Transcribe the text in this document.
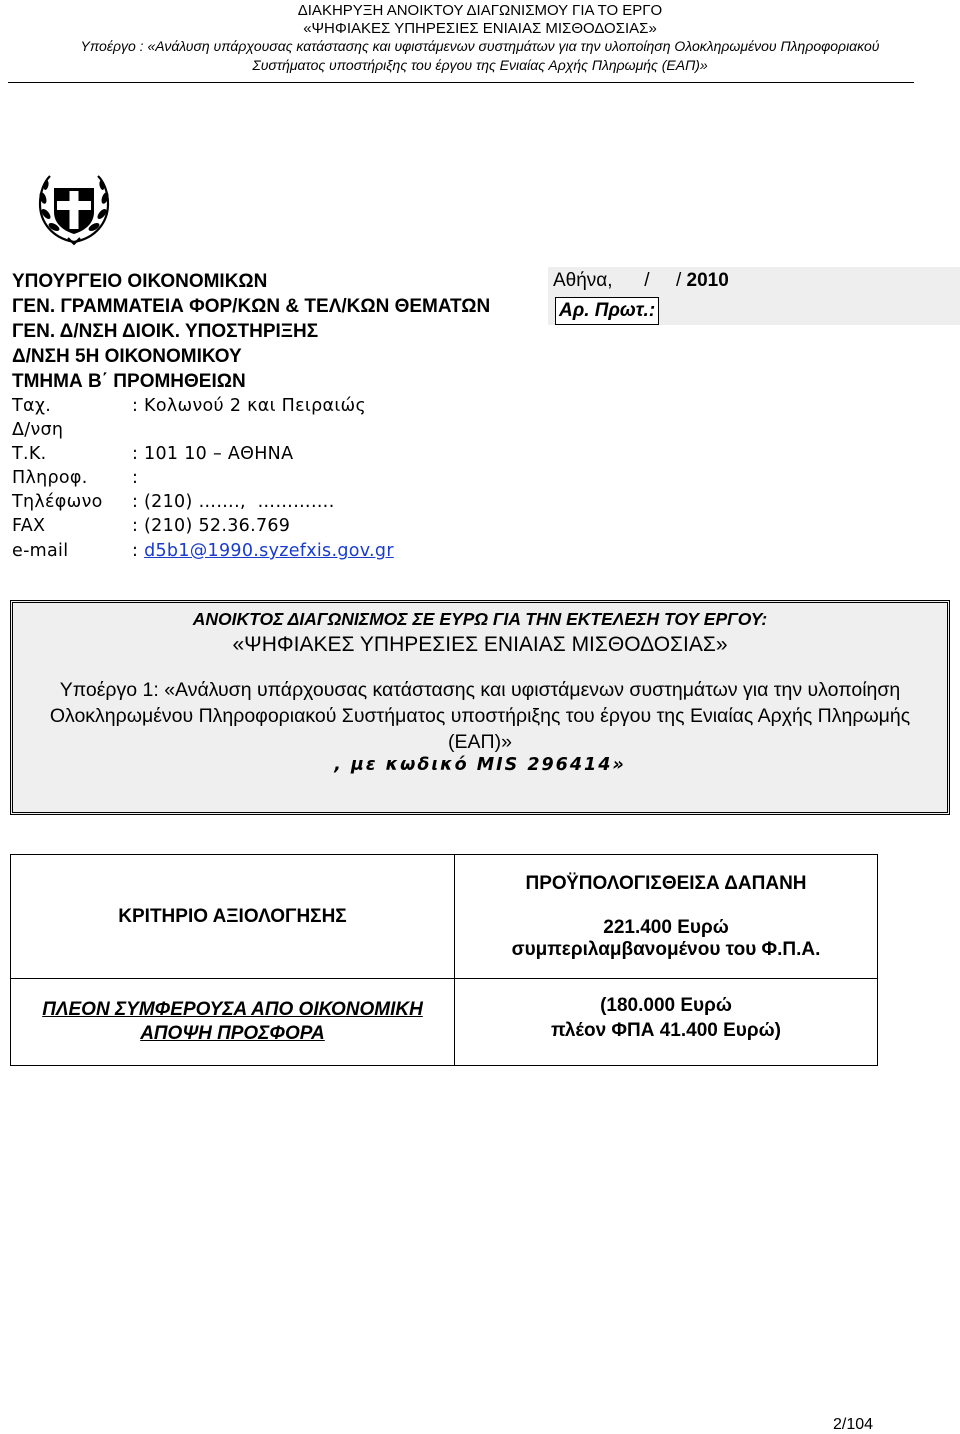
ΔΙΑΚΗΡΥΞΗ ΑΝΟΙΚΤΟΥ ΔΙΑΓΩΝΙΣΜΟΥ ΓΙΑ ΤΟ ΕΡΓΟ
«ΨΗΦΙΑΚΕΣ ΥΠΗΡΕΣΙΕΣ ΕΝΙΑΙΑΣ ΜΙΣΘΟΔΟΣΙΑΣ»
Υποέργο : «Ανάλυση υπάρχουσας κατάστασης και υφιστάμενων συστημάτων για την υλοποίηση Ολοκληρωμένου Πληροφοριακού
Συστήματος υποστήριξης του έργου της Ενιαίας Αρχής Πληρωμής (ΕΑΠ)»
ΥΠΟΥΡΓΕΙΟ ΟΙΚΟΝΟΜΙΚΩΝ
ΓΕΝ. ΓΡΑΜΜΑΤΕΙΑ ΦΟΡ/ΚΩΝ & ΤΕΛ/ΚΩΝ ΘΕΜΑΤΩΝ
ΓΕΝ. Δ/ΝΣΗ ΔΙΟΙΚ. ΥΠΟΣΤΗΡΙΞΗΣ
Δ/ΝΣΗ 5Η ΟΙΚΟΝΟΜΙΚΟΥ
ΤΜΗΜΑ Β΄ ΠΡΟΜΗΘΕΙΩΝ
Αθήνα, /     / 2010
Αρ. Πρωτ.:
Ταχ.	: Κολωνού 2 και Πειραιώς
Δ/νση
Τ.Κ.	: 101 10 – ΑΘΗΝΑ
Πληροφ.	:
Τηλέφωνο : (210) …….,  ………….
FAX	: (210) 52.36.769
e-mail	: d5b1@1990.syzefxis.gov.gr
ΑΝΟΙΚΤΟΣ ΔΙΑΓΩΝΙΣΜΟΣ ΣΕ ΕΥΡΩ ΓΙΑ ΤΗΝ ΕΚΤΕΛΕΣΗ ΤΟΥ ΕΡΓΟΥ:
«ΨΗΦΙΑΚΕΣ ΥΠΗΡΕΣΙΕΣ ΕΝΙΑΙΑΣ ΜΙΣΘΟΔΟΣΙΑΣ»
Υποέργο 1: «Ανάλυση υπάρχουσας κατάστασης και υφιστάμενων συστημάτων για την υλοποίηση Ολοκληρωμένου Πληροφοριακού Συστήματος υποστήριξης του έργου της Ενιαίας Αρχής Πληρωμής (ΕΑΠ)»
, με κωδικό MIS 296414»
ΚΡΙΤΗΡΙΟ ΑΞΙΟΛΟΓΗΣΗΣ	ΠΡΟΫΠΟΛΟΓΙΣΘΕΙΣΑ ΔΑΠΑΝΗ
221.400 Ευρώ
συμπεριλαμβανομένου του Φ.Π.Α.

ΠΛΕΟΝ ΣΥΜΦΕΡΟΥΣΑ ΑΠΟ ΟΙΚΟΝΟΜΙΚΗ ΑΠΟΨΗ ΠΡΟΣΦΟΡΑ	(180.000 Ευρώ
πλέον ΦΠΑ 41.400 Ευρώ)
2/104
